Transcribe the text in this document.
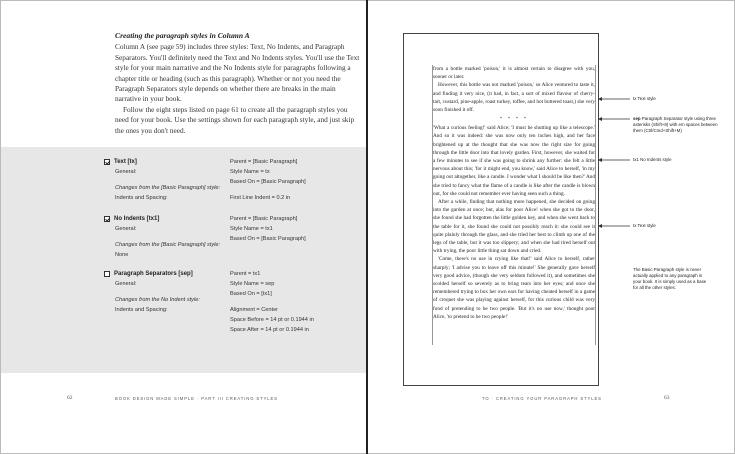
Creating the paragraph styles in Column A

Column A (see page 59) includes three styles: Text, No Indents, and Paragraph Separators. You'll definitely need the Text and No Indents styles. You'll use the Text style for your main narrative and the No Indents style for paragraphs following a chapter title or heading (such as this paragraph). Whether or not you need the Paragraph Separators style depends on whether there are breaks in the main narrative in your book.

Follow the eight steps listed on page 61 to create all the paragraph styles you need for your book. Use the settings shown for each paragraph style, and just skip the ones you don't need.

Text [tx]
General:
Changes from the [Basic Paragraph] style:
Indents and Spacing:
Parent = [Basic Paragraph]
Style Name = tx
Based On = [Basic Paragraph]
First Line Indent = 0.2 in
No Indents [tx1]
General:
Changes from the [Basic Paragraph] style:
None
Parent = [Basic Paragraph]
Style Name = tx1
Based On = [Basic Paragraph]
Paragraph Separators [sep]
General:
Changes from the No Indent style:
Indents and Spacing:
Parent = tx1
Style Name = sep
Based On = [tx1]
Alignment = Center
Space Before = 14 pt or 0.1944 in
Space After = 14 pt or 0.1944 in
62	BOOK DESIGN MADE SIMPLE · PART III CREATING STYLES

from a bottle marked 'poison,' it is almost certain to disagree with you, sooner or later.

However, this bottle was not marked 'poison,' so Alice ventured to taste it, and finding it very nice, (it had, in fact, a sort of mixed flavour of cherry-tart, custard, pine-apple, roast turkey, toffee, and hot buttered toast,) she very soon finished it off.

* * * *

'What a curious feeling!' said Alice; 'I must be shutting up like a telescope.' And so it was indeed: she was now only ten inches high, and her face brightened up at the thought that she was now the right size for going through the little door into that lovely garden. First, however, she waited for a few minutes to see if she was going to shrink any further: she felt a little nervous about this; 'for it might end, you know,' said Alice to herself, 'in my going out altogether, like a candle. I wonder what I should be like then?' And she tried to fancy what the flame of a candle is like after the candle is blown out, for she could not remember ever having seen such a thing.

After a while, finding that nothing more happened, she decided on going into the garden at once; but, alas for poor Alice! when she got to the door, she found she had forgotten the little golden key, and when she went back to the table for it, she found she could not possibly reach it: she could see it quite plainly through the glass, and she tried her best to climb up one of the legs of the table, but it was too slippery; and when she had tired herself out with trying, the poor little thing sat down and cried.

'Come, there's no use in crying like that!' said Alice to herself, rather sharply; 'I advise you to leave off this minute!' She generally gave herself very good advice, (though she very seldom followed it), and sometimes she scolded herself so severely as to bring tears into her eyes; and once she remembered trying to box her own ears for having cheated herself in a game of croquet she was playing against herself, for this curious child was very fond of pretending to be two people. 'But it's no use now,' thought poor Alice, 'to pretend to be two people!'

tx Text style
sep Paragraph Separator style using three asterisks (Shift+8) with em spaces between them (Ctrl/Cmd+Shift+M)
tx1 No Indents style
tx Text style
The Basic Paragraph style is never actually applied to any paragraph in your book. It is simply used as a base for all the other styles.
TO · CREATING YOUR PARAGRAPH STYLES	63
